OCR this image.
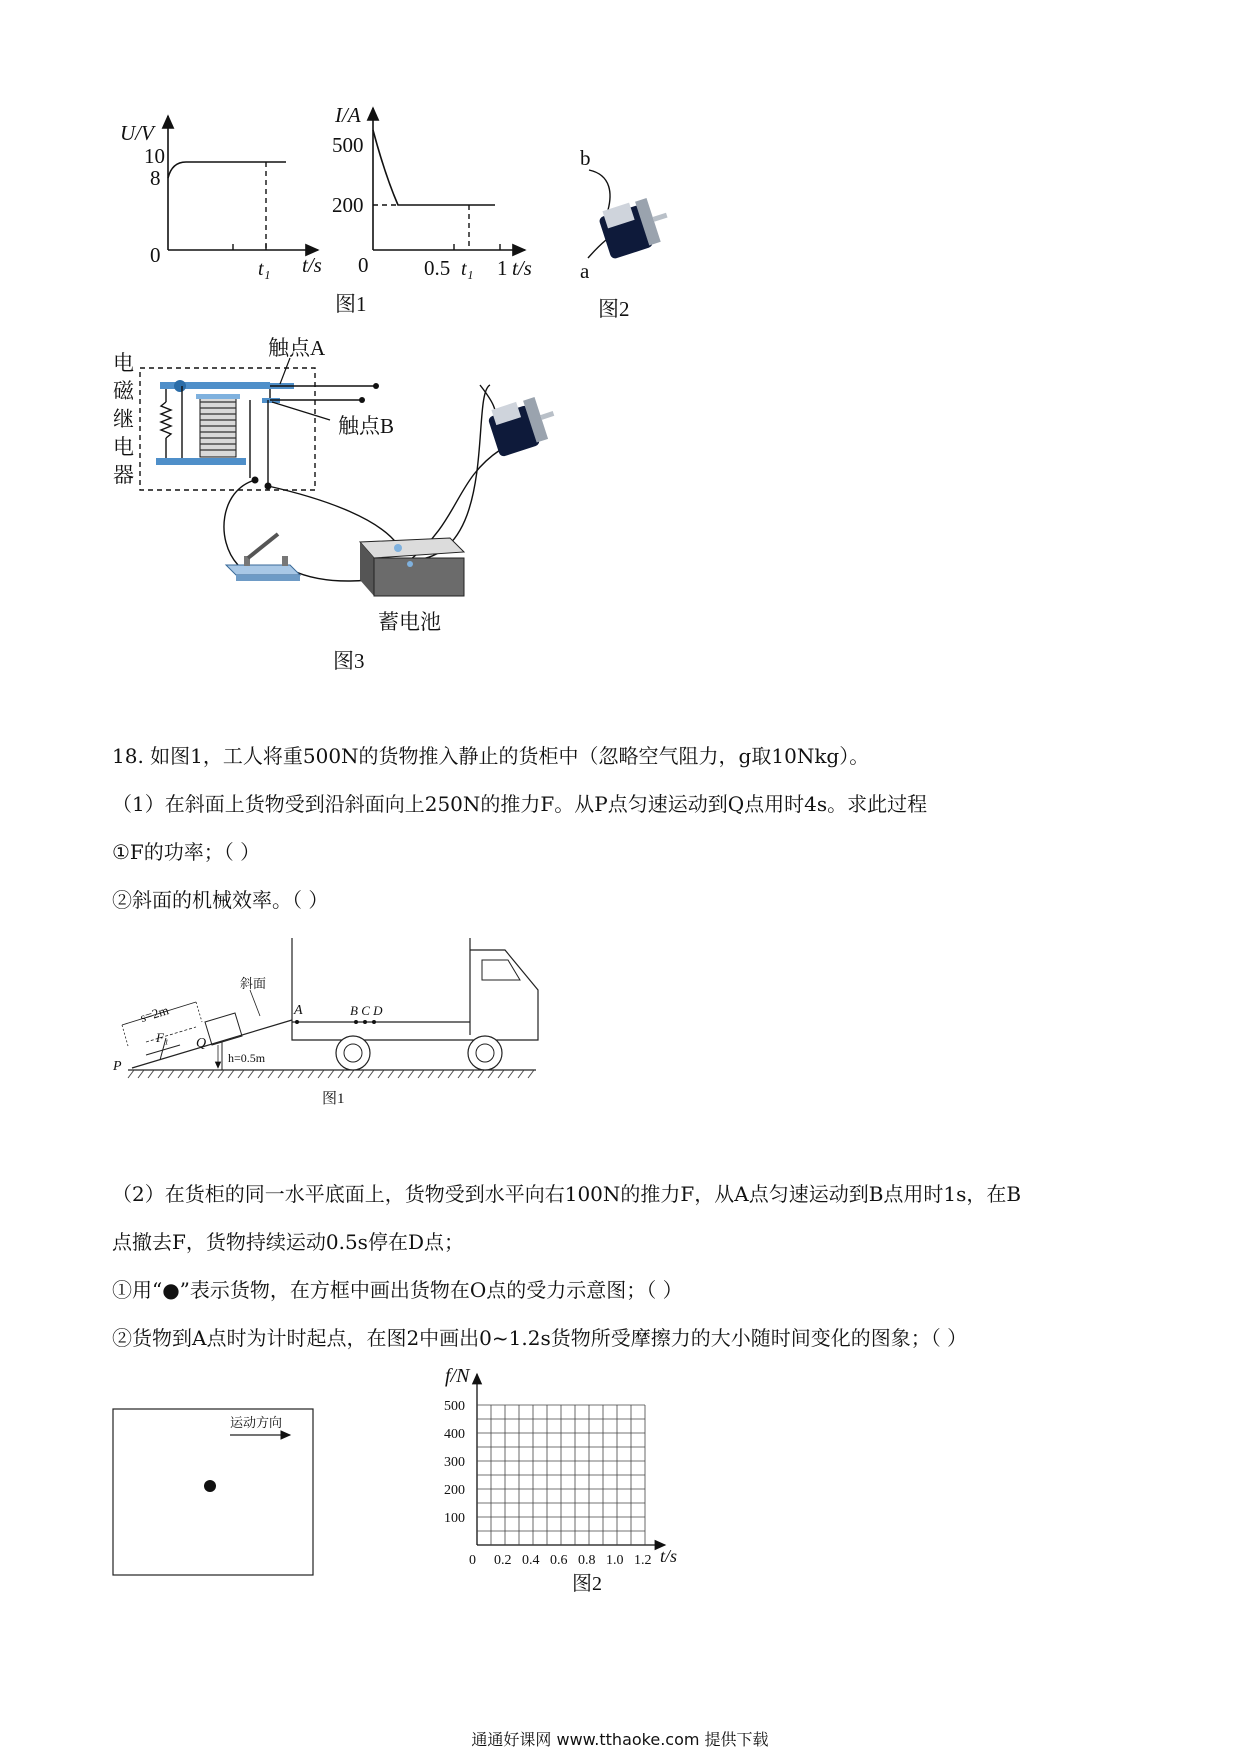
U/V
10
8
0
t₁ t/s
I/A
500
200
0	0.5 t₁ 1 t/s
图1
b
a
图2
触点A
触点B
电
磁
继
电
器
蓄电池
图3
18. 如图1，工人将重500N的货物推入静止的货柜中（忽略空气阻力，g取10Nkg）。
（1）在斜面上货物受到沿斜面向上250N的推力F。从P点匀速运动到Q点用时4s。求此过程
①F的功率；（ ）
②斜面的机械效率。（ ）
斜面
s=2m
F₁ Q
h=0.5m
P
A	B C D
图1
（2）在货柜的同一水平底面上，货物受到水平向右100N的推力F，从A点匀速运动到B点用时1s，在B
点撤去F，货物持续运动0.5s停在D点；
①用“●”表示货物，在方框中画出货物在O点的受力示意图；（ ）
②货物到A点时为计时起点，在图2中画出0~1.2s货物所受摩擦力的大小随时间变化的图象；（ ）
运动方向
500
400
300
200
100
0 0.2 0.4 0.6 0.8 1.0 1.2
f/N
t/s
图2
通通好课网 www.tthaoke.com 提供下载
